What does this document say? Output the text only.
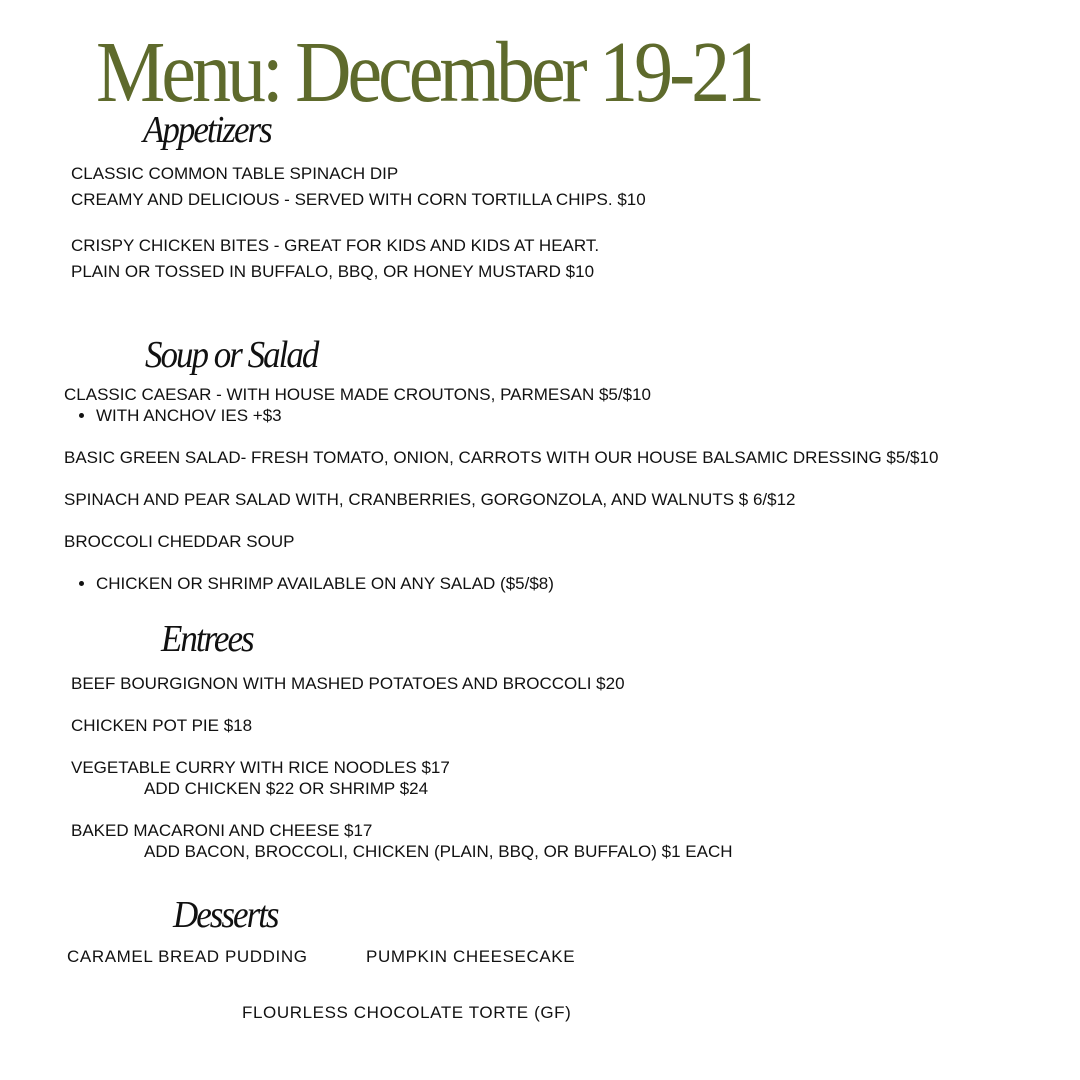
Menu: December 19-21
Appetizers

CLASSIC COMMON TABLE SPINACH DIP

CREAMY AND DELICIOUS - SERVED WITH CORN TORTILLA CHIPS. $10

CRISPY CHICKEN BITES - GREAT FOR KIDS AND KIDS AT HEART.

PLAIN OR TOSSED IN BUFFALO, BBQ, OR HONEY MUSTARD $10

Soup or Salad

CLASSIC CAESAR - WITH HOUSE MADE CROUTONS, PARMESAN $5/$10

WITH ANCHOV IES +$3

BASIC GREEN SALAD- FRESH TOMATO, ONION, CARROTS WITH OUR HOUSE BALSAMIC DRESSING $5/$10

SPINACH AND PEAR SALAD WITH, CRANBERRIES, GORGONZOLA, AND WALNUTS $ 6/$12

BROCCOLI CHEDDAR SOUP

CHICKEN OR SHRIMP AVAILABLE ON ANY SALAD ($5/$8)

Entrees

BEEF BOURGIGNON WITH MASHED POTATOES AND BROCCOLI $20

CHICKEN POT PIE $18

VEGETABLE CURRY WITH RICE NOODLES $17

ADD CHICKEN $22 OR SHRIMP $24

BAKED MACARONI AND CHEESE $17

ADD BACON, BROCCOLI, CHICKEN (PLAIN, BBQ, OR BUFFALO) $1 EACH

Desserts

CARAMEL BREAD PUDDING	PUMPKIN CHEESECAKE

FLOURLESS CHOCOLATE TORTE (GF)
